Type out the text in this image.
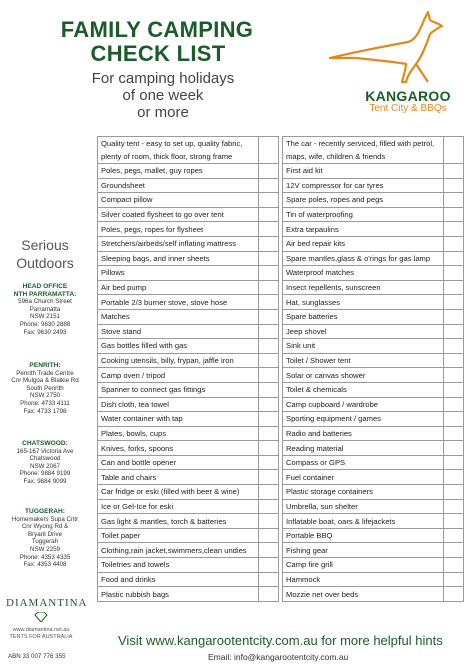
FAMILY CAMPING
CHECK LIST
For camping holidays
of one week
or more
KANGAROO
Tent City & BBQs
Serious
Outdoors
HEAD OFFICE
NTH PARRAMATTA:
596a Church Street
Parramatta
NSW 2151
Phone: 9630 2888
Fax: 9630 2493
PENRITH:
Penrith Trade Centre
Cnr Mulgoa & Blaikie Rd
South Penrith
NSW 2750
Phone: 4733 4111
Fax: 4733 1798
CHATSWOOD:
165-167 Victoria Ave
Chatswood
NSW 2067
Phone: 9884 9199
Fax: 9884 9099
TUGGERAH:
Homemakers Supa Cntr
Cnr Wyong Rd &
Bryant Drive
Tuggerah
NSW 2259
Phone: 4353 4335
Fax: 4353 4408
DIAMANTINA
www.diamantina.net.au
TENTS FOR AUSTRALIA
ABN 33 007 776 355
Quality tent - easy to set up, quality fabric, plenty of room, thick floor, strong frame			The car - recently serviced, filled with petrol, maps, wife, children & friends	
Poles, pegs, mallet, guy ropes			First aid kit	
Groundsheet			12V compressor for car tyres	
Compact pillow			Spare poles, ropes and pegs	
Silver coated flysheet to go over tent			Tin of waterproofing	
Poles, pegs, ropes for flysheet			Extra tarpaulins	
Stretchers/airbeds/self inflating mattress			Air bed repair kits	
Sleeping bags, and inner sheets			Spare mantles,glass & o'rings for gas lamp	
Pillows			Waterproof matches	
Air bed pump			Insect repellents, sunscreen	
Portable 2/3 burner stove, stove hose			Hat, sunglasses	
Matches			Spare batteries	
Stove stand			Jeep shovel	
Gas bottles filled with gas			Sink unit	
Cooking utensils, billy, frypan, jaffle iron			Toilet / Shower tent	
Camp oven / tripod			Solar or canvas shower	
Spanner to connect gas fittings			Toilet & chemicals	
Dish cloth, tea towel			Camp cupboard / wardrobe	
Water container with tap			Sporting equipment / games	
Plates, bowls, cups			Radio and batteries	
Knives, forks, spoons			Reading material	
Can and bottle opener			Compass or GPS	
Table and chairs			Fuel container	
Car fridge or eski (filled with beer & wine)			Plastic storage containers	
Ice or Gel-Ice for eski			Umbrella, sun shelter	
Gas light & mantles, torch & batteries			Inflatable boat, oars & lifejackets	
Toilet paper			Portable BBQ	
Clothing,rain jacket,swimmers,clean undies			Fishing gear	
Toiletries and towels			Camp fire grill	
Food and drinks			Hammock	
Plastic rubbish bags			Mozzie net over beds	
Visit www.kangarootentcity.com.au for more helpful hints
Email: info@kangarootentcity.com.au
